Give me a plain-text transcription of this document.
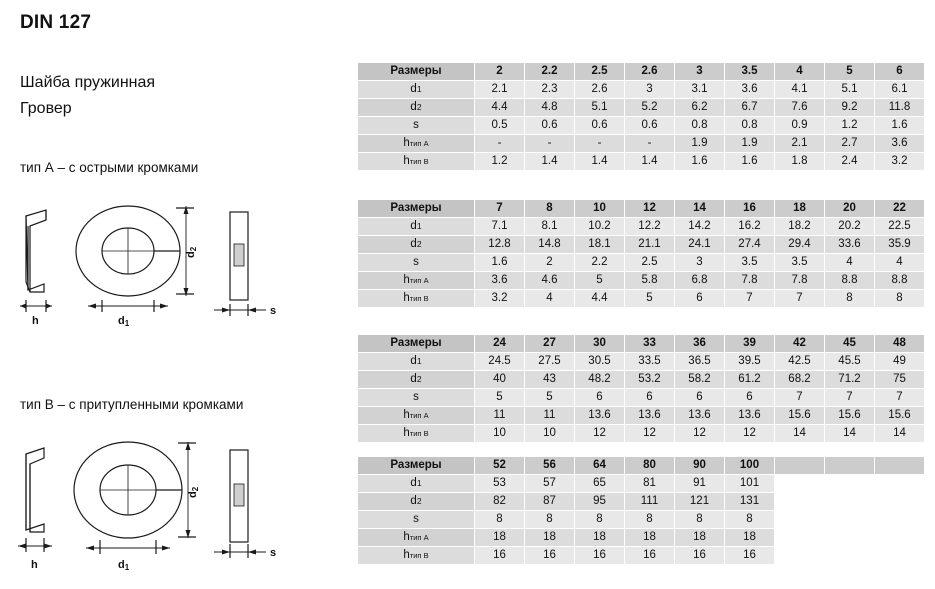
DIN 127
Шайба пружинная
Гровер
тип А – с острыми кромками
h	d1
d2
s
тип В – с притупленными кромками
h	d1
d2
s
Размеры	2	2.2	2.5	2.6	3	3.5	4	5	6
d1	2.1	2.3	2.6	3	3.1	3.6	4.1	5.1	6.1
d2	4.4	4.8	5.1	5.2	6.2	6.7	7.6	9.2	11.8
s	0.5	0.6	0.6	0.6	0.8	0.8	0.9	1.2	1.6
hтип А	-	-	-	-	1.9	1.9	2.1	2.7	3.6
hтип В	1.2	1.4	1.4	1.4	1.6	1.6	1.8	2.4	3.2
Размеры	7	8	10	12	14	16	18	20	22
d1	7.1	8.1	10.2	12.2	14.2	16.2	18.2	20.2	22.5
d2	12.8	14.8	18.1	21.1	24.1	27.4	29.4	33.6	35.9
s	1.6	2	2.2	2.5	3	3.5	3.5	4	4
hтип А	3.6	4.6	5	5.8	6.8	7.8	7.8	8.8	8.8
hтип В	3.2	4	4.4	5	6	7	7	8	8
Размеры	24	27	30	33	36	39	42	45	48
d1	24.5	27.5	30.5	33.5	36.5	39.5	42.5	45.5	49
d2	40	43	48.2	53.2	58.2	61.2	68.2	71.2	75
s	5	5	6	6	6	6	7	7	7
hтип А	11	11	13.6	13.6	13.6	13.6	15.6	15.6	15.6
hтип В	10	10	12	12	12	12	14	14	14
Размеры	52	56	64	80	90	100			
d1	53	57	65	81	91	101			
d2	82	87	95	111	121	131			
s	8	8	8	8	8	8			
hтип А	18	18	18	18	18	18			
hтип В	16	16	16	16	16	16			
